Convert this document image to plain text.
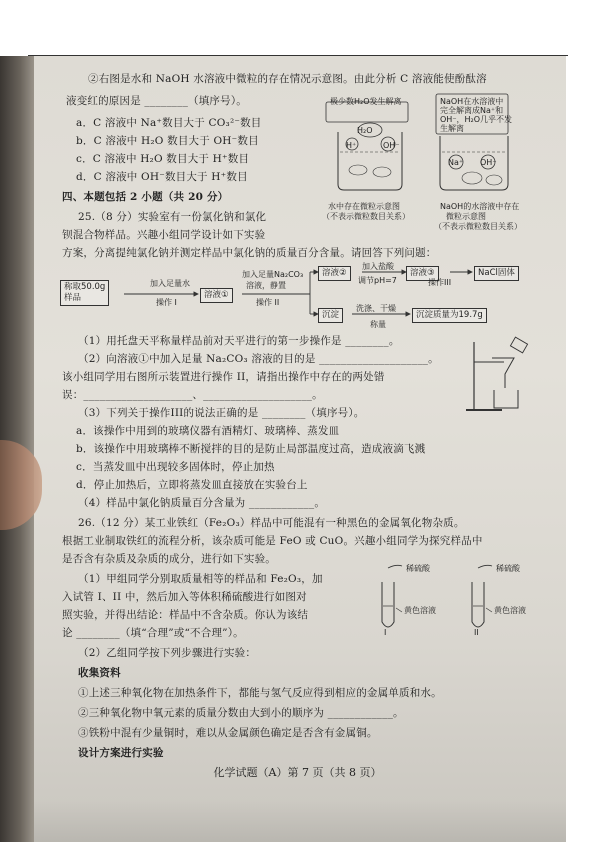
②右图是水和 NaOH 水溶液中微粒的存在情况示意图。由此分析 C 溶液能使酚酞溶
液变红的原因是 ________（填序号）。
a．C 溶液中 Na⁺数目大于 CO₃²⁻数目
b．C 溶液中 H₂O 数目大于 OH⁻数目
c．C 溶液中 H₂O 数目大于 H⁺数目
d．C 溶液中 OH⁻数目大于 H⁺数目
极少数H₂O发生解离
H₂O
H⁺	OH⁻
NaOH在水溶液中
完全解离成Na⁺和
OH⁻，H₂O几乎不发
生解离
Na⁺ OH⁻
水中存在微粒示意图
（不表示微粒数目关系）
NaOH的水溶液中存在
微粒示意图
（不表示微粒数目关系）
四、本题包括 2 小题（共 20 分）
25.（8 分）实验室有一份氯化钠和氯化
钡混合物样品。兴趣小组同学设计如下实验
方案，分离提纯氯化钠并测定样品中氯化钠的质量百分含量。请回答下列问题：
称取50.0g
样品
加入足量水
操作 I
溶液①
加入足量Na₂CO₃
溶液，静置
操作 II
溶液②
加入盐酸
调节pH=7
溶液③
操作III
NaCl固体
沉淀
洗涤、干燥
称量
沉淀质量为19.7g
（1）用托盘天平称量样品前对天平进行的第一步操作是 ________。
（2）向溶液①中加入足量 Na₂CO₃ 溶液的目的是 ____________________。
该小组同学用右图所示装置进行操作 II，请指出操作中存在的两处错
误：____________________、____________________。
（3）下列关于操作III的说法正确的是 ________（填序号）。
a．该操作中用到的玻璃仪器有酒精灯、玻璃棒、蒸发皿
b．该操作中用玻璃棒不断搅拌的目的是防止局部温度过高，造成液滴飞溅
c．当蒸发皿中出现较多固体时，停止加热
d．停止加热后，立即将蒸发皿直接放在实验台上
（4）样品中氯化钠质量百分含量为 ____________。
26.（12 分）某工业铁红（Fe₂O₃）样品中可能混有一种黑色的金属氧化物杂质。
根据工业制取铁红的流程分析，该杂质可能是 FeO 或 CuO。兴趣小组同学为探究样品中
是否含有杂质及杂质的成分，进行如下实验。
（1）甲组同学分别取质量相等的样品和 Fe₂O₃，加
入试管 I、II 中，然后加入等体积稀硫酸进行如图对
照实验，并得出结论：样品中不含杂质。你认为该结
论 ________（填“合理”或“不合理”）。
稀硫酸	稀硫酸
黄色溶液	黄色溶液
I	II
（2）乙组同学按下列步骤进行实验：
收集资料
①上述三种氧化物在加热条件下，都能与氢气反应得到相应的金属单质和水。
②三种氧化物中氧元素的质量分数由大到小的顺序为 ____________。
③铁粉中混有少量铜时，难以从金属颜色确定是否含有金属铜。
设计方案进行实验
化学试题（A）第 7 页（共 8 页）
